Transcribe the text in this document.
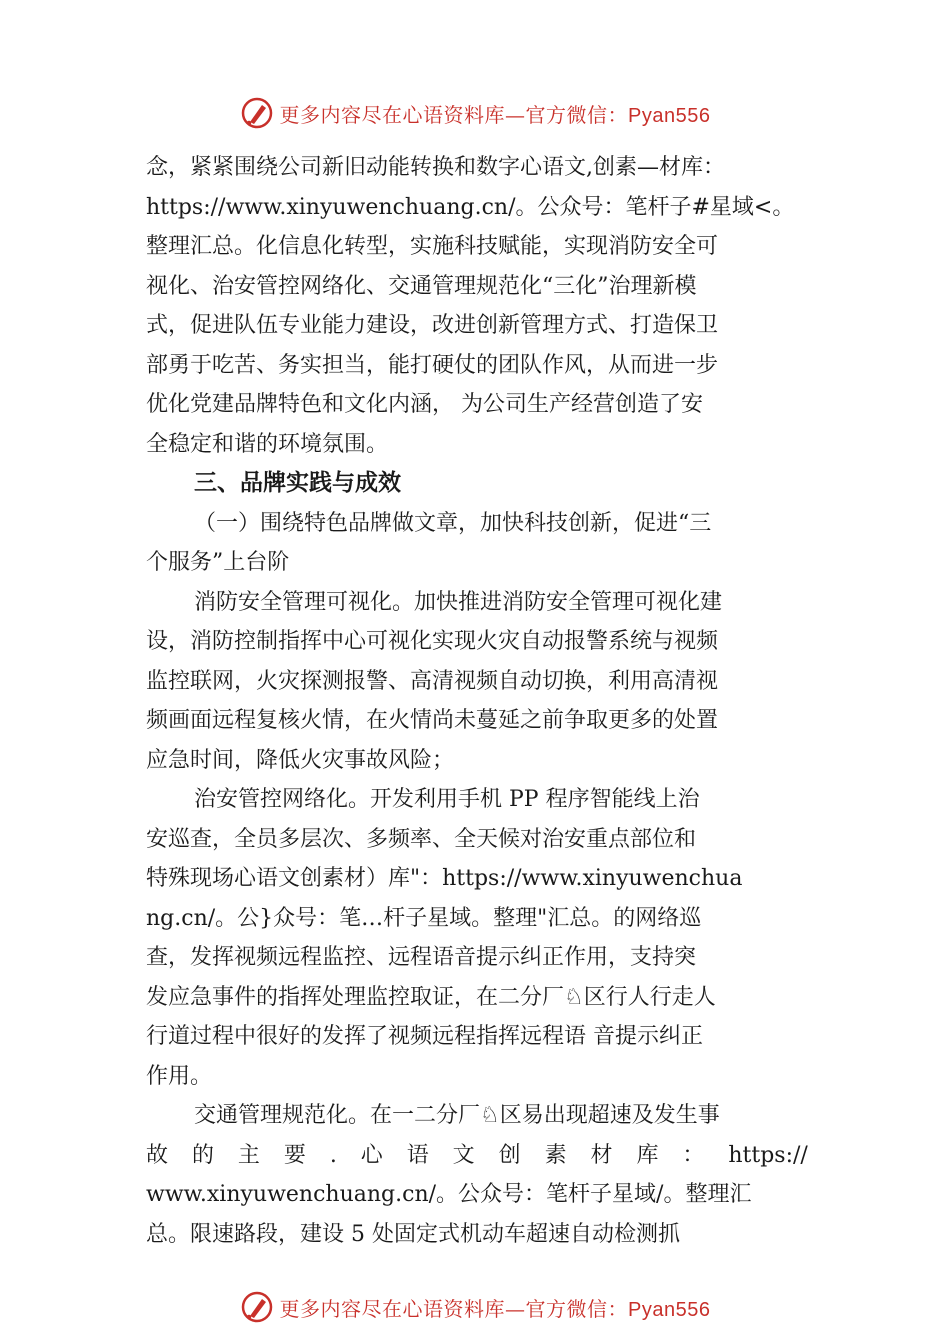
更多内容尽在心语资料库—官方微信：Pyan556
念，紧紧围绕公司新旧动能转换和数字心语文,创素—材库：
https://www.xinyuwenchuang.cn/。公众号：笔杆子#星域<。
整理汇总。化信息化转型，实施科技赋能，实现消防安全可
视化、治安管控网络化、交通管理规范化“三化”治理新模
式，促进队伍专业能力建设，改进创新管理方式、打造保卫
部勇于吃苦、务实担当，能打硬仗的团队作风，从而进一步
优化党建品牌特色和文化内涵， 为公司生产经营创造了安
全稳定和谐的环境氛围。
三、品牌实践与成效
（一）围绕特色品牌做文章，加快科技创新，促进“三
个服务”上台阶
消防安全管理可视化。加快推进消防安全管理可视化建
设，消防控制指挥中心可视化实现火灾自动报警系统与视频
监控联网，火灾探测报警、高清视频自动切换，利用高清视
频画面远程复核火情，在火情尚未蔓延之前争取更多的处置
应急时间，降低火灾事故风险；
治安管控网络化。开发利用手机 PP 程序智能线上治
安巡查，全员多层次、多频率、全天候对治安重点部位和
特殊现场心语文创素材）库"：https://www.xinyuwenchua
ng.cn/。公}众号：笔…杆子星域。整理"汇总。的网络巡
查，发挥视频远程监控、远程语音提示纠正作用，支持突
发应急事件的指挥处理监控取证，在二分厂♘区行人行走人
行道过程中很好的发挥了视频远程指挥远程语 音提示纠正
作用。
交通管理规范化。在一二分厂♘区易出现超速及发生事
故 的 主 要 . 心 语 文 创 素 材 库 ： https://
www.xinyuwenchuang.cn/。公众号：笔杆子星域/。整理汇
总。限速路段，建设 5 处固定式机动车超速自动检测抓
更多内容尽在心语资料库—官方微信：Pyan556
